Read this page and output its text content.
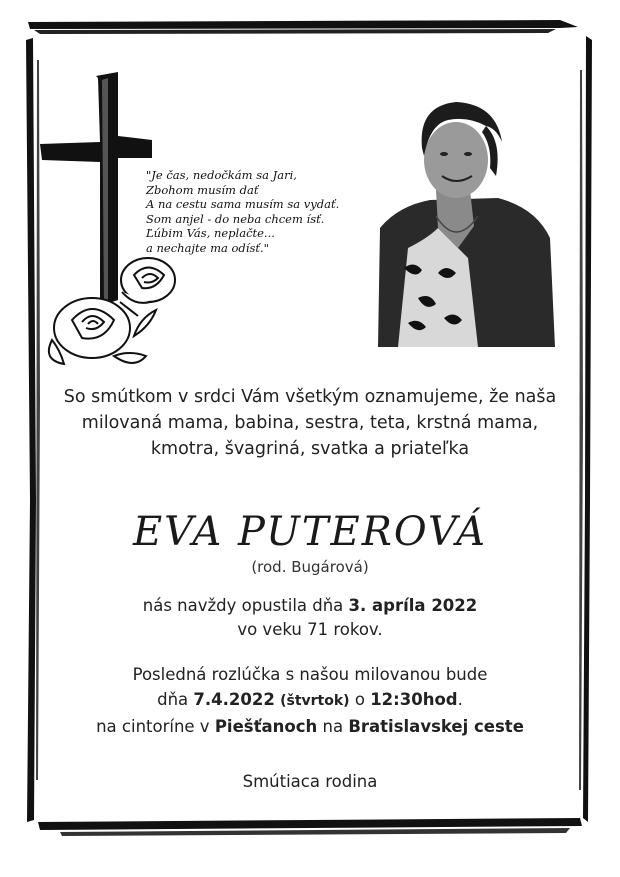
"Je čas, nedočkám sa Jari,
Zbohom musím dať
A na cestu sama musím sa vydať.
Som anjel - do neba chcem ísť.
Ľúbim Vás, neplačte...
a nechajte ma odísť."
So smútkom v srdci Vám všetkým oznamujeme, že naša
milovaná mama, babina, sestra, teta, krstná mama,
kmotra, švagriná, svatka a priateľka
EVA PUTEROVÁ
(rod. Bugárová)
nás navždy opustila dňa 3. apríla 2022
vo veku 71 rokov.
Posledná rozlúčka s našou milovanou bude
dňa 7.4.2022 (štvrtok) o 12:30hod.
na cintoríne v Piešťanoch na Bratislavskej ceste
Smútiaca rodina
